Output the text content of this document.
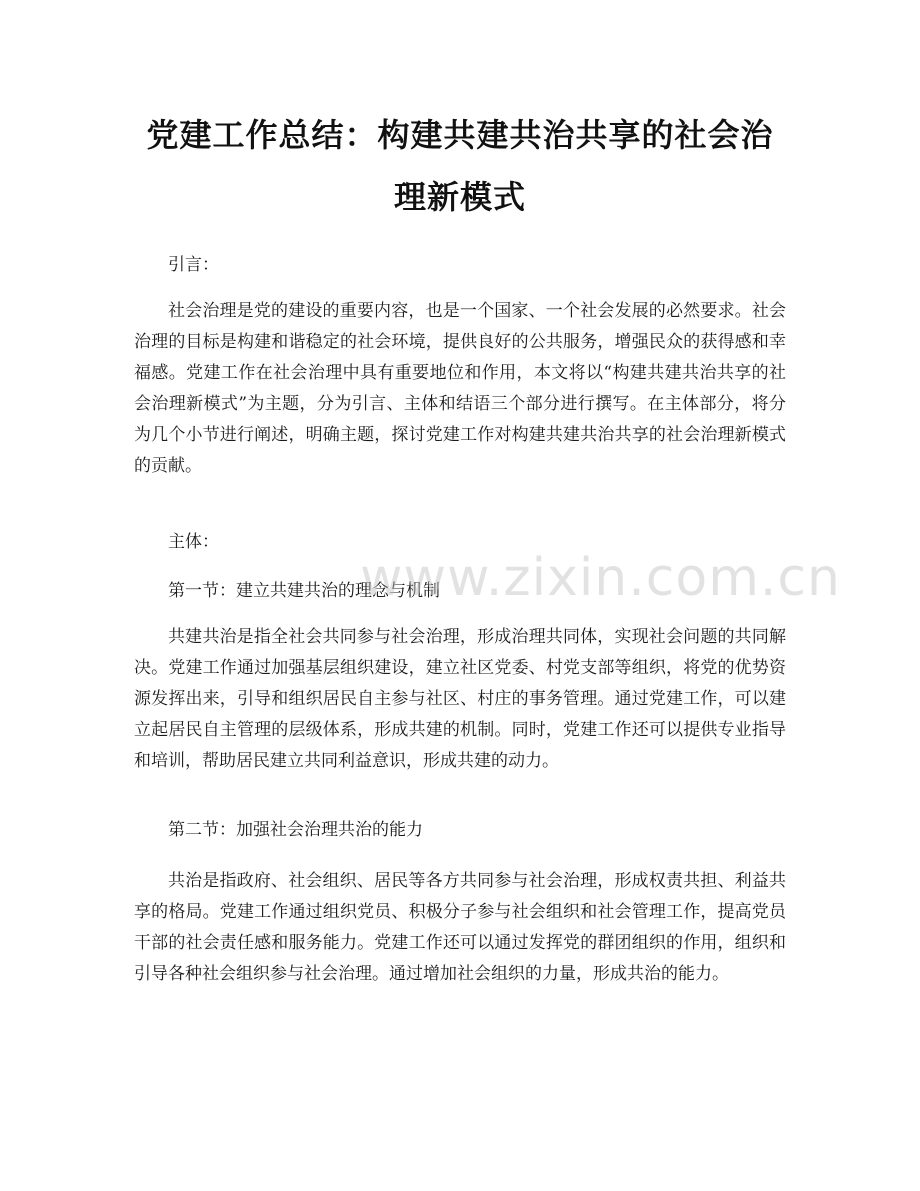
党建工作总结：构建共建共治共享的社会治理新模式

引言：

社会治理是党的建设的重要内容，也是一个国家、一个社会发展的必然要求。社会治理的目标是构建和谐稳定的社会环境，提供良好的公共服务，增强民众的获得感和幸福感。党建工作在社会治理中具有重要地位和作用，本文将以“构建共建共治共享的社会治理新模式”为主题，分为引言、主体和结语三个部分进行撰写。在主体部分，将分为几个小节进行阐述，明确主题，探讨党建工作对构建共建共治共享的社会治理新模式的贡献。

主体：

第一节：建立共建共治的理念与机制

共建共治是指全社会共同参与社会治理，形成治理共同体，实现社会问题的共同解决。党建工作通过加强基层组织建设，建立社区党委、村党支部等组织，将党的优势资源发挥出来，引导和组织居民自主参与社区、村庄的事务管理。通过党建工作，可以建立起居民自主管理的层级体系，形成共建的机制。同时，党建工作还可以提供专业指导和培训，帮助居民建立共同利益意识，形成共建的动力。

第二节：加强社会治理共治的能力

共治是指政府、社会组织、居民等各方共同参与社会治理，形成权责共担、利益共享的格局。党建工作通过组织党员、积极分子参与社会组织和社会管理工作，提高党员干部的社会责任感和服务能力。党建工作还可以通过发挥党的群团组织的作用，组织和引导各种社会组织参与社会治理。通过增加社会组织的力量，形成共治的能力。

www.zixin.com.cn
